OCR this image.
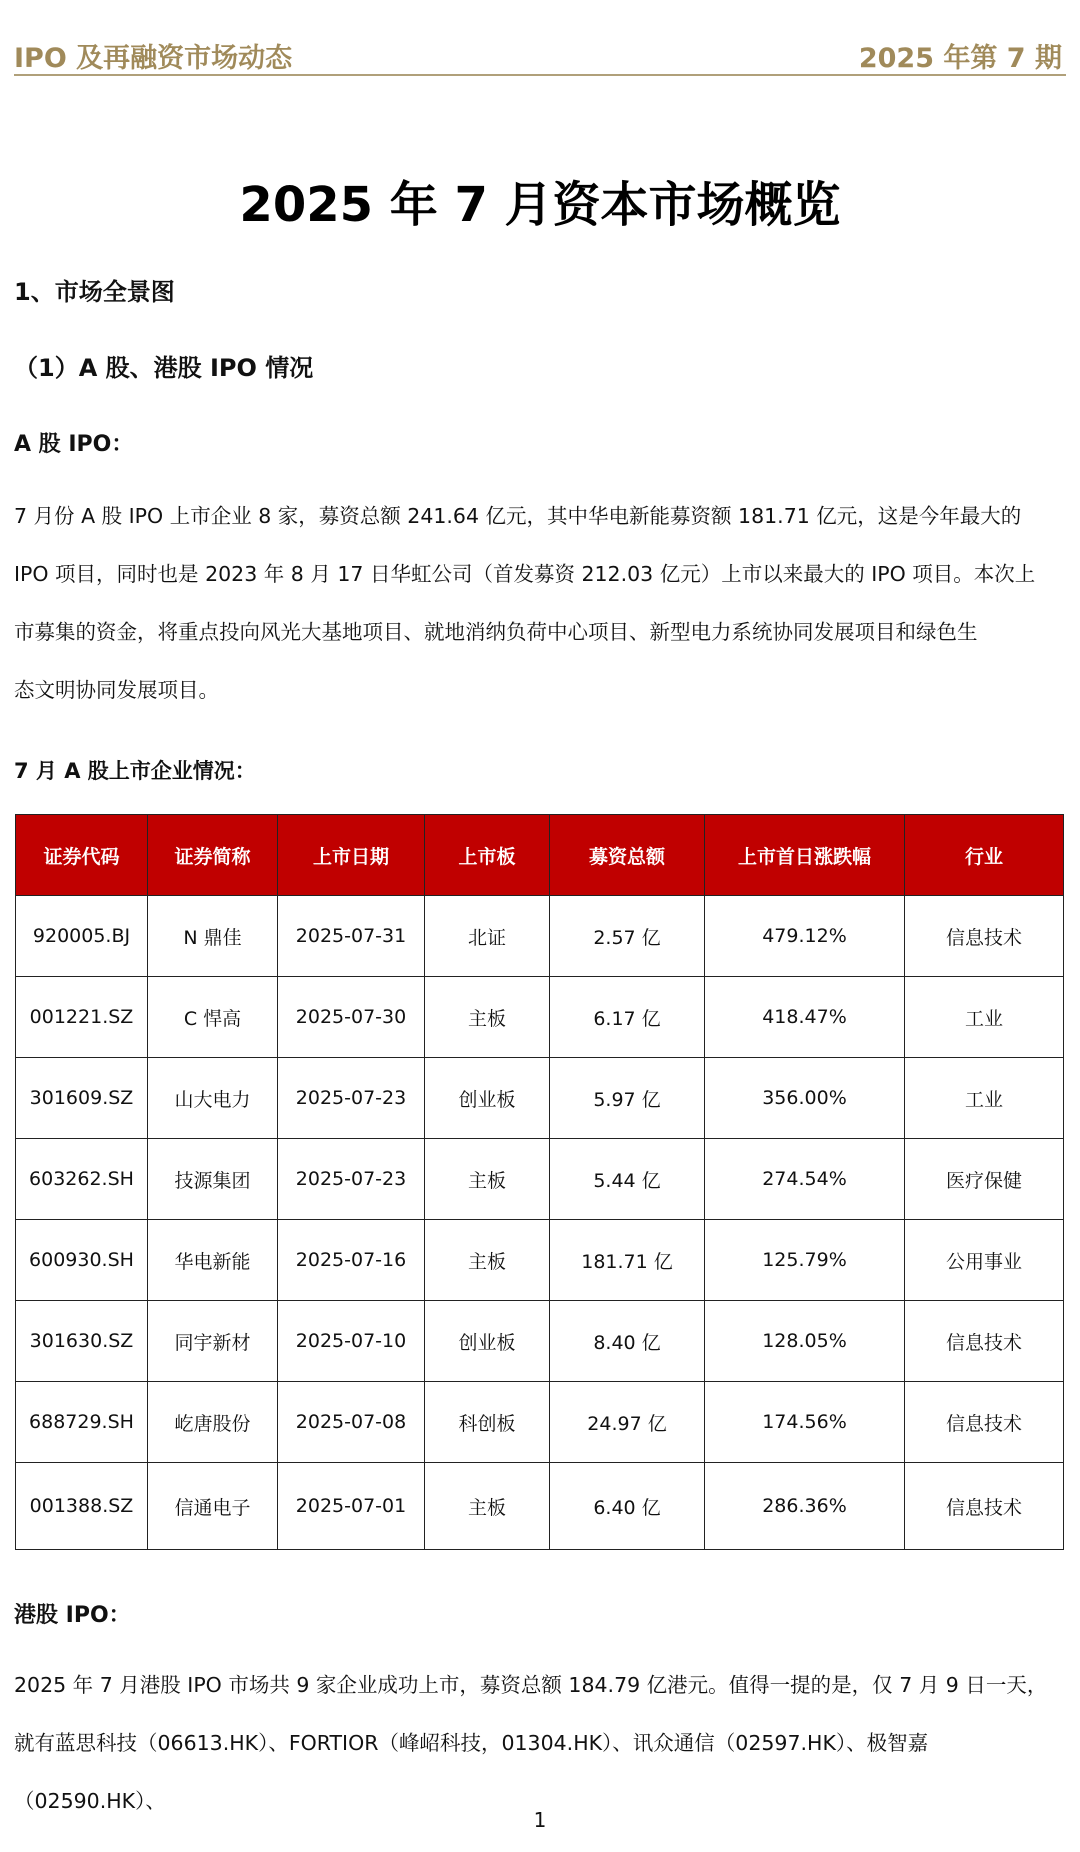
IPO 及再融资市场动态	2025 年第 7 期
2025 年 7 月资本市场概览
1、市场全景图
（1）A 股、港股 IPO 情况
A 股 IPO：
7 月份 A 股 IPO 上市企业 8 家，募资总额 241.64 亿元，其中华电新能募资额 181.71 亿元，这是今年最大的
IPO 项目，同时也是 2023 年 8 月 17 日华虹公司（首发募资 212.03 亿元）上市以来最大的 IPO 项目。本次上
市募集的资金，将重点投向风光大基地项目、就地消纳负荷中心项目、新型电力系统协同发展项目和绿色生
态文明协同发展项目。
7 月 A 股上市企业情况：
证券代码	证券简称	上市日期	上市板	募资总额	上市首日涨跌幅	行业
920005.BJ	N 鼎佳	2025-07-31	北证	2.57 亿	479.12%	信息技术
001221.SZ	C 悍高	2025-07-30	主板	6.17 亿	418.47%	工业
301609.SZ	山大电力	2025-07-23	创业板	5.97 亿	356.00%	工业
603262.SH	技源集团	2025-07-23	主板	5.44 亿	274.54%	医疗保健
600930.SH	华电新能	2025-07-16	主板	181.71 亿	125.79%	公用事业
301630.SZ	同宇新材	2025-07-10	创业板	8.40 亿	128.05%	信息技术
688729.SH	屹唐股份	2025-07-08	科创板	24.97 亿	174.56%	信息技术
001388.SZ	信通电子	2025-07-01	主板	6.40 亿	286.36%	信息技术
港股 IPO：
2025 年 7 月港股 IPO 市场共 9 家企业成功上市，募资总额 184.79 亿港元。值得一提的是，仅 7 月 9 日一天，
就有蓝思科技（06613.HK）、FORTIOR（峰岹科技，01304.HK）、讯众通信（02597.HK）、极智嘉（02590.HK）、
1
